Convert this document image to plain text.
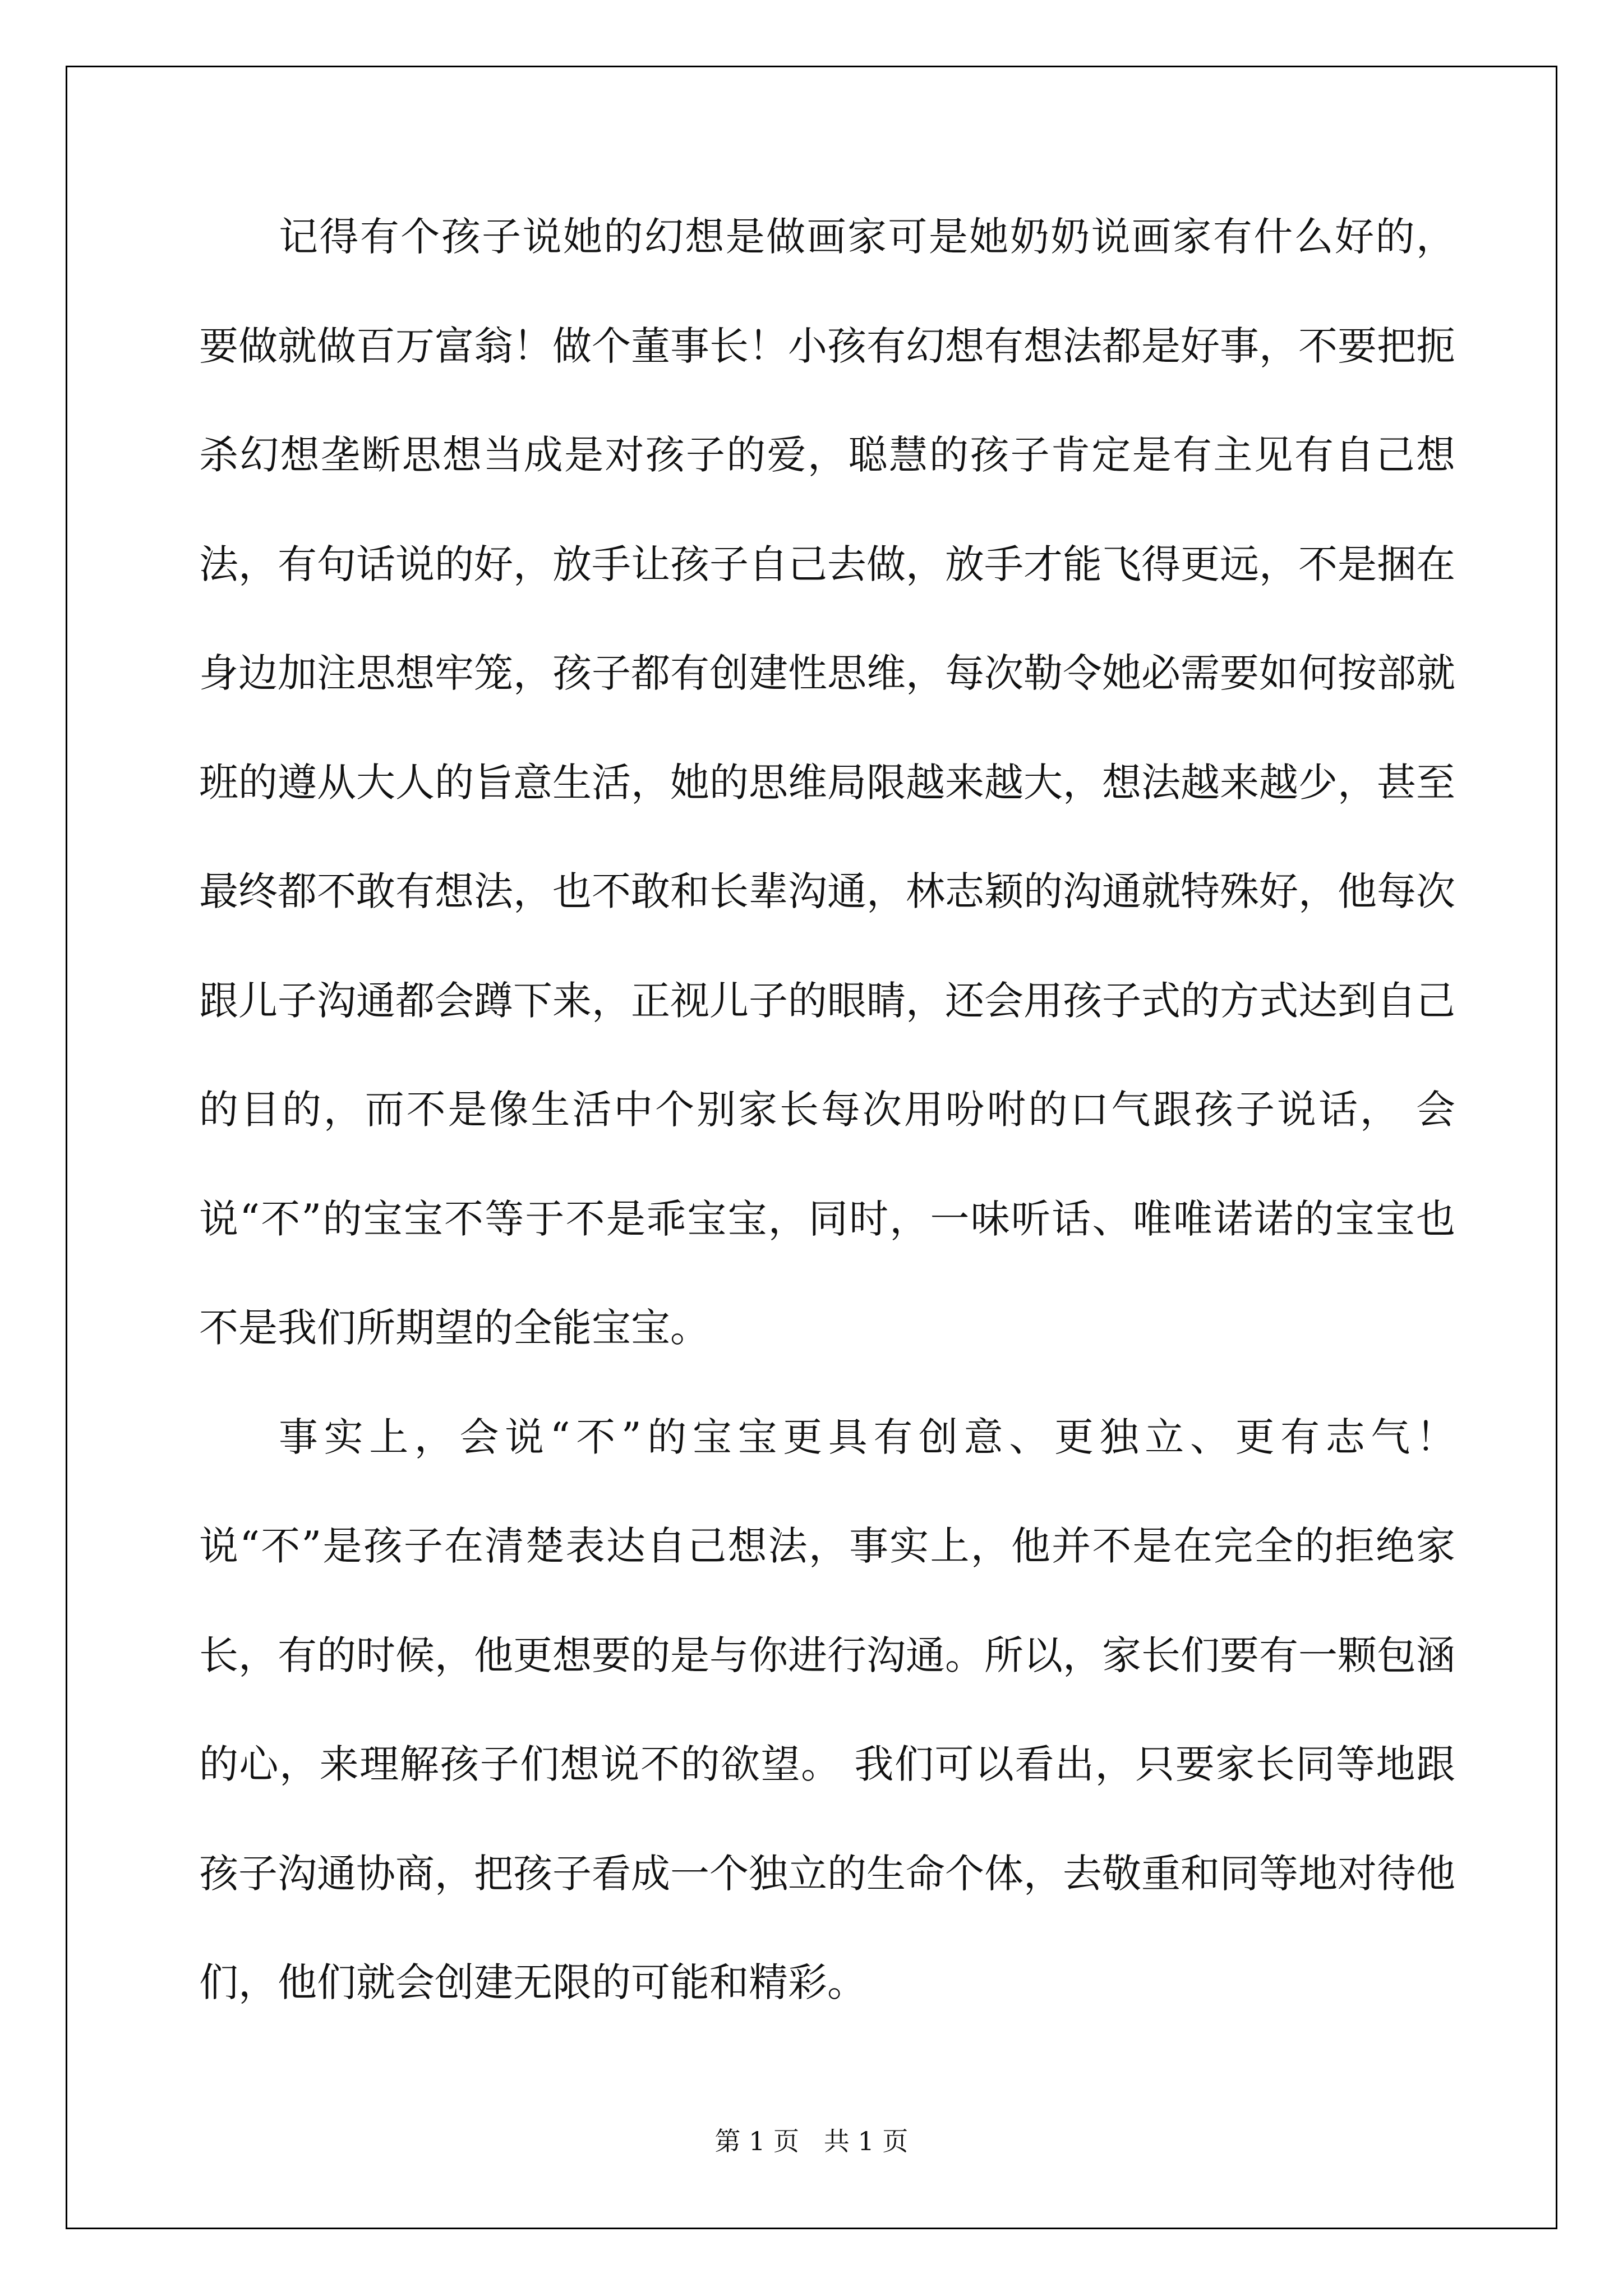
记得有个孩子说她的幻想是做画家可是她奶奶说画家有什么好的，要做就做百万富翁！做个董事长！小孩有幻想有想法都是好事，不要把扼杀幻想垄断思想当成是对孩子的爱，聪慧的孩子肯定是有主见有自己想法，有句话说的好，放手让孩子自己去做，放手才能飞得更远，不是捆在身边加注思想牢笼，孩子都有创建性思维，每次勒令她必需要如何按部就班的遵从大人的旨意生活，她的思维局限越来越大，想法越来越少，甚至最终都不敢有想法，也不敢和长辈沟通，林志颖的沟通就特殊好，他每次跟儿子沟通都会蹲下来，正视儿子的眼睛，还会用孩子式的方式达到自己的目的，而不是像生活中个别家长每次用吩咐的口气跟孩子说话， 会说“不”的宝宝不等于不是乖宝宝，同时，一味听话、唯唯诺诺的宝宝也不是我们所期望的全能宝宝。

事实上，会说“不”的宝宝更具有创意、更独立、更有志气！说“不”是孩子在清楚表达自己想法，事实上，他并不是在完全的拒绝家长，有的时候，他更想要的是与你进行沟通。所以，家长们要有一颗包涵的心，来理解孩子们想说不的欲望。 我们可以看出，只要家长同等地跟孩子沟通协商，把孩子看成一个独立的生命个体，去敬重和同等地对待他们，他们就会创建无限的可能和精彩。

第 1 页   共 1 页
